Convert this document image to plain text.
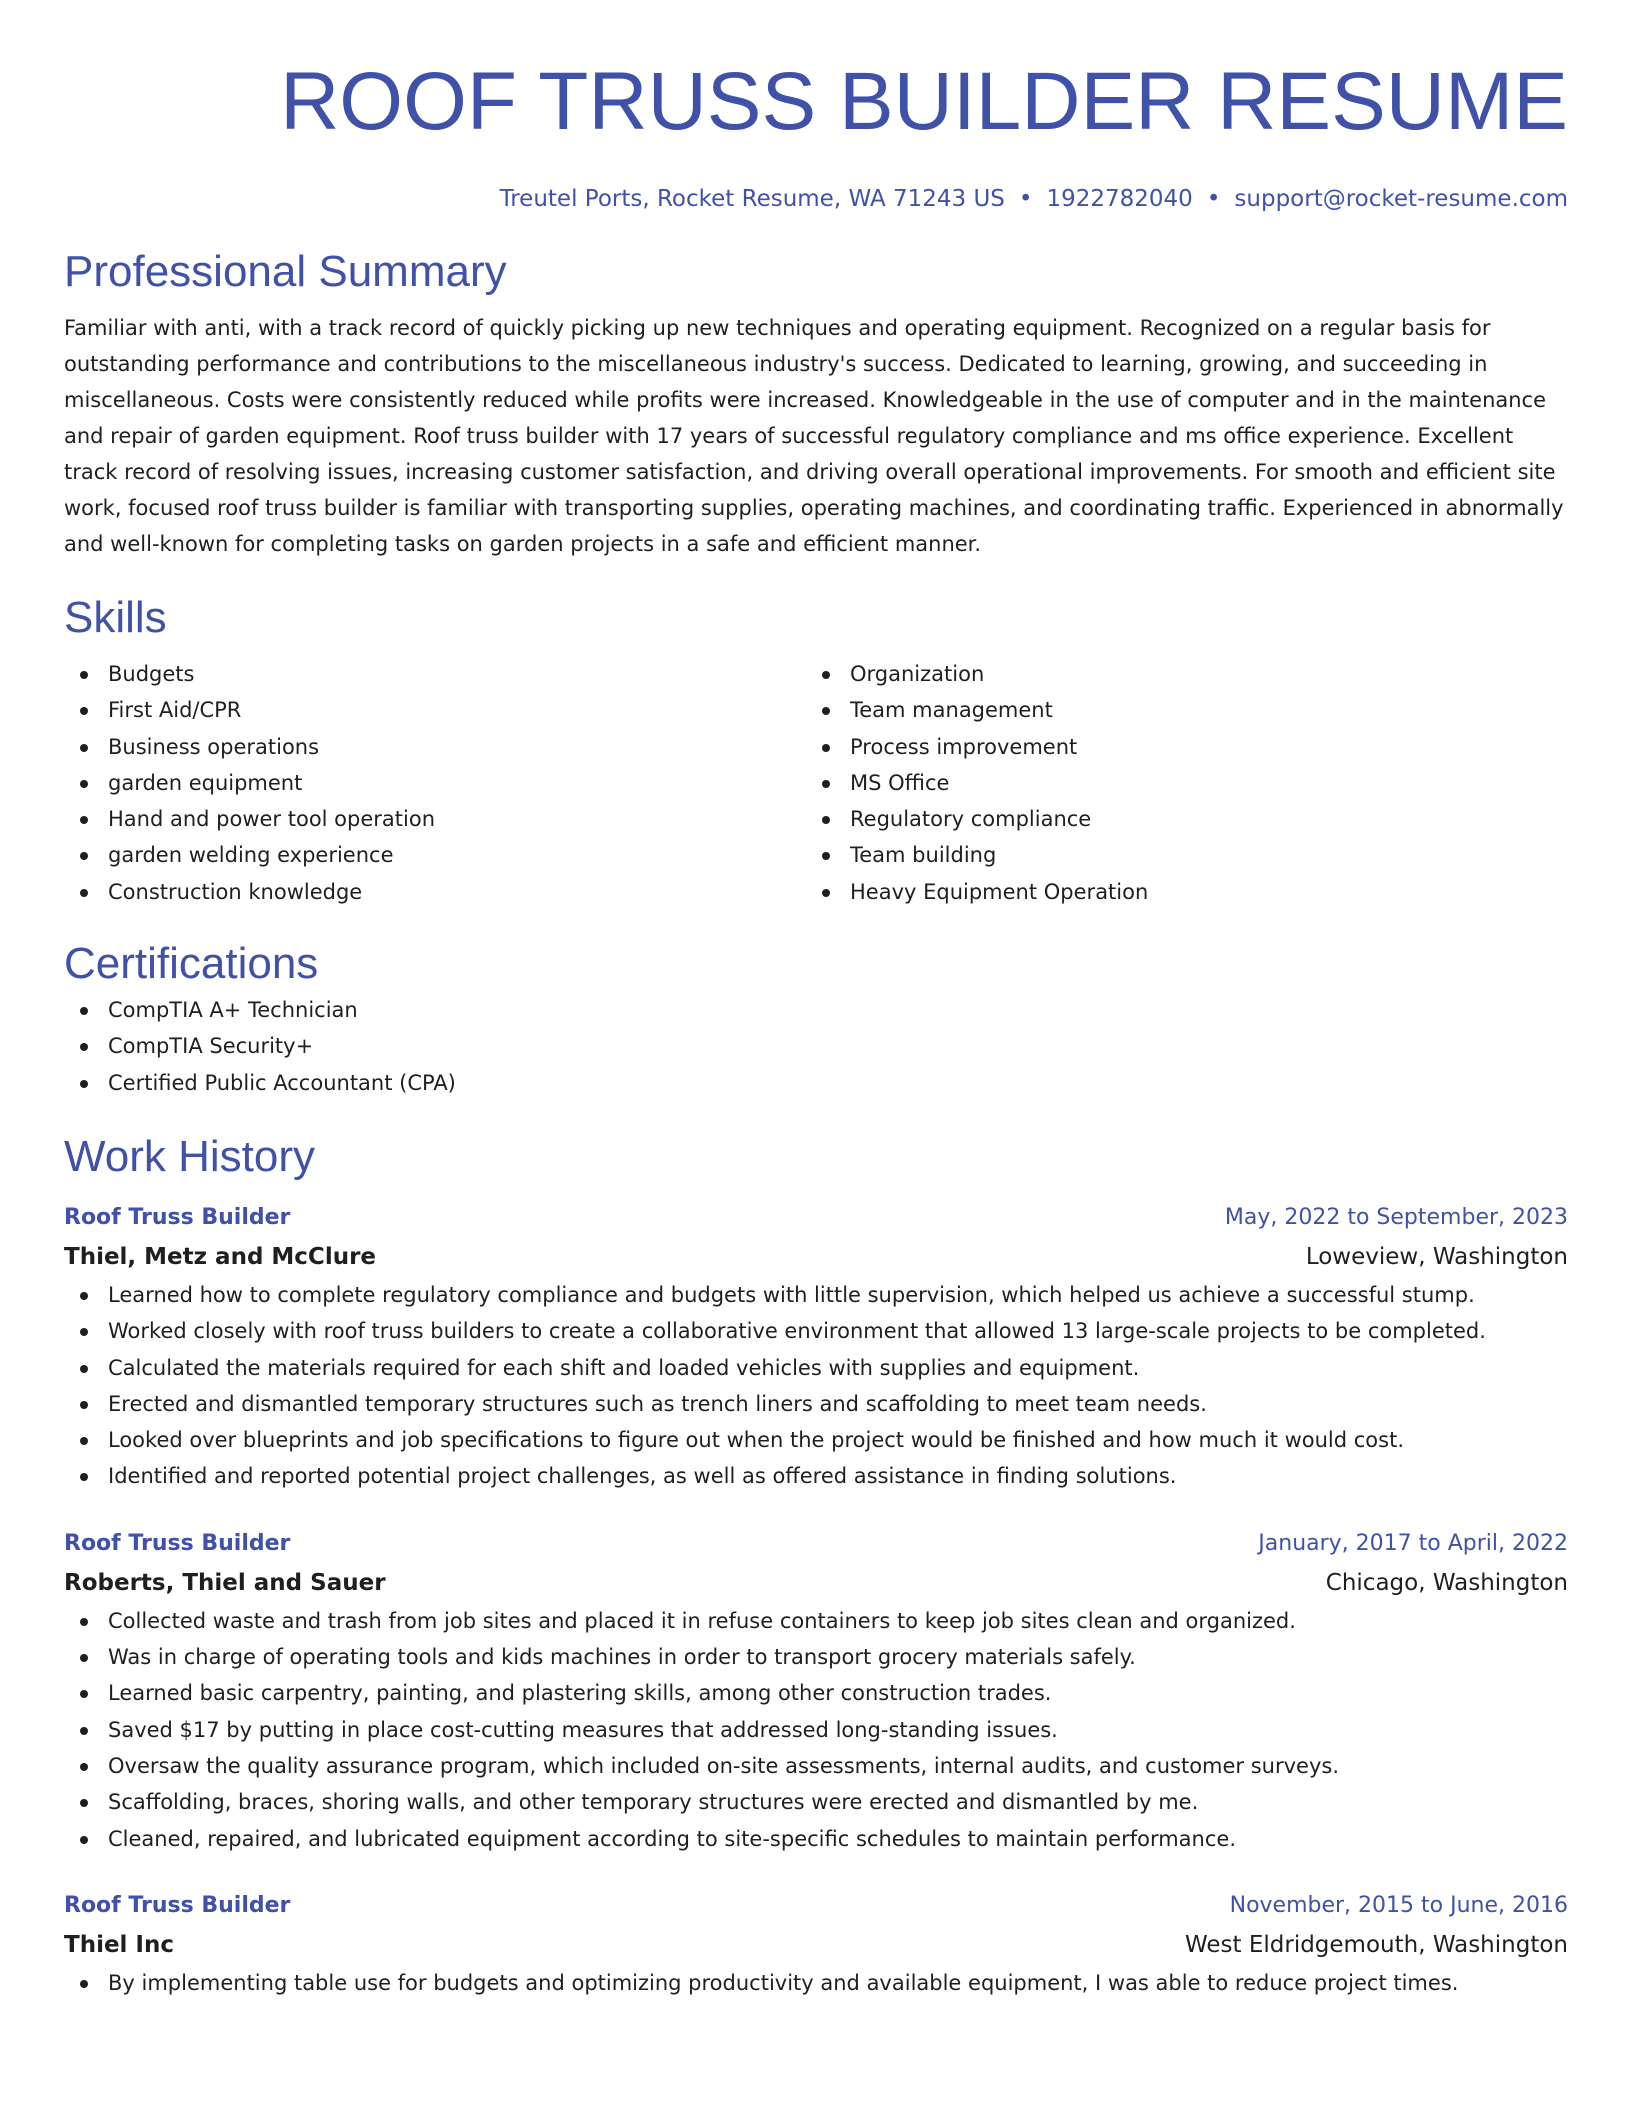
ROOF TRUSS BUILDER RESUME
Treutel Ports, Rocket Resume, WA 71243 US • 1922782040 • support@rocket-resume.com
Professional Summary
Familiar with anti, with a track record of quickly picking up new techniques and operating equipment. Recognized on a regular basis for outstanding performance and contributions to the miscellaneous industry's success. Dedicated to learning, growing, and succeeding in miscellaneous. Costs were consistently reduced while profits were increased. Knowledgeable in the use of computer and in the maintenance and repair of garden equipment. Roof truss builder with 17 years of successful regulatory compliance and ms office experience. Excellent track record of resolving issues, increasing customer satisfaction, and driving overall operational improvements. For smooth and efficient site work, focused roof truss builder is familiar with transporting supplies, operating machines, and coordinating traffic. Experienced in abnormally and well-known for completing tasks on garden projects in a safe and efficient manner.
Skills
Budgets
First Aid/CPR
Business operations
garden equipment
Hand and power tool operation
garden welding experience
Construction knowledge
Organization
Team management
Process improvement
MS Office
Regulatory compliance
Team building
Heavy Equipment Operation
Certifications
CompTIA A+ Technician
CompTIA Security+
Certified Public Accountant (CPA)
Work History
Roof Truss Builder	May, 2022 to September, 2023
Thiel, Metz and McClure	Loweview, Washington
Learned how to complete regulatory compliance and budgets with little supervision, which helped us achieve a successful stump.
Worked closely with roof truss builders to create a collaborative environment that allowed 13 large-scale projects to be completed.
Calculated the materials required for each shift and loaded vehicles with supplies and equipment.
Erected and dismantled temporary structures such as trench liners and scaffolding to meet team needs.
Looked over blueprints and job specifications to figure out when the project would be finished and how much it would cost.
Identified and reported potential project challenges, as well as offered assistance in finding solutions.
Roof Truss Builder	January, 2017 to April, 2022
Roberts, Thiel and Sauer	Chicago, Washington
Collected waste and trash from job sites and placed it in refuse containers to keep job sites clean and organized.
Was in charge of operating tools and kids machines in order to transport grocery materials safely.
Learned basic carpentry, painting, and plastering skills, among other construction trades.
Saved $17 by putting in place cost-cutting measures that addressed long-standing issues.
Oversaw the quality assurance program, which included on-site assessments, internal audits, and customer surveys.
Scaffolding, braces, shoring walls, and other temporary structures were erected and dismantled by me.
Cleaned, repaired, and lubricated equipment according to site-specific schedules to maintain performance.
Roof Truss Builder	November, 2015 to June, 2016
Thiel Inc	West Eldridgemouth, Washington
By implementing table use for budgets and optimizing productivity and available equipment, I was able to reduce project times.
